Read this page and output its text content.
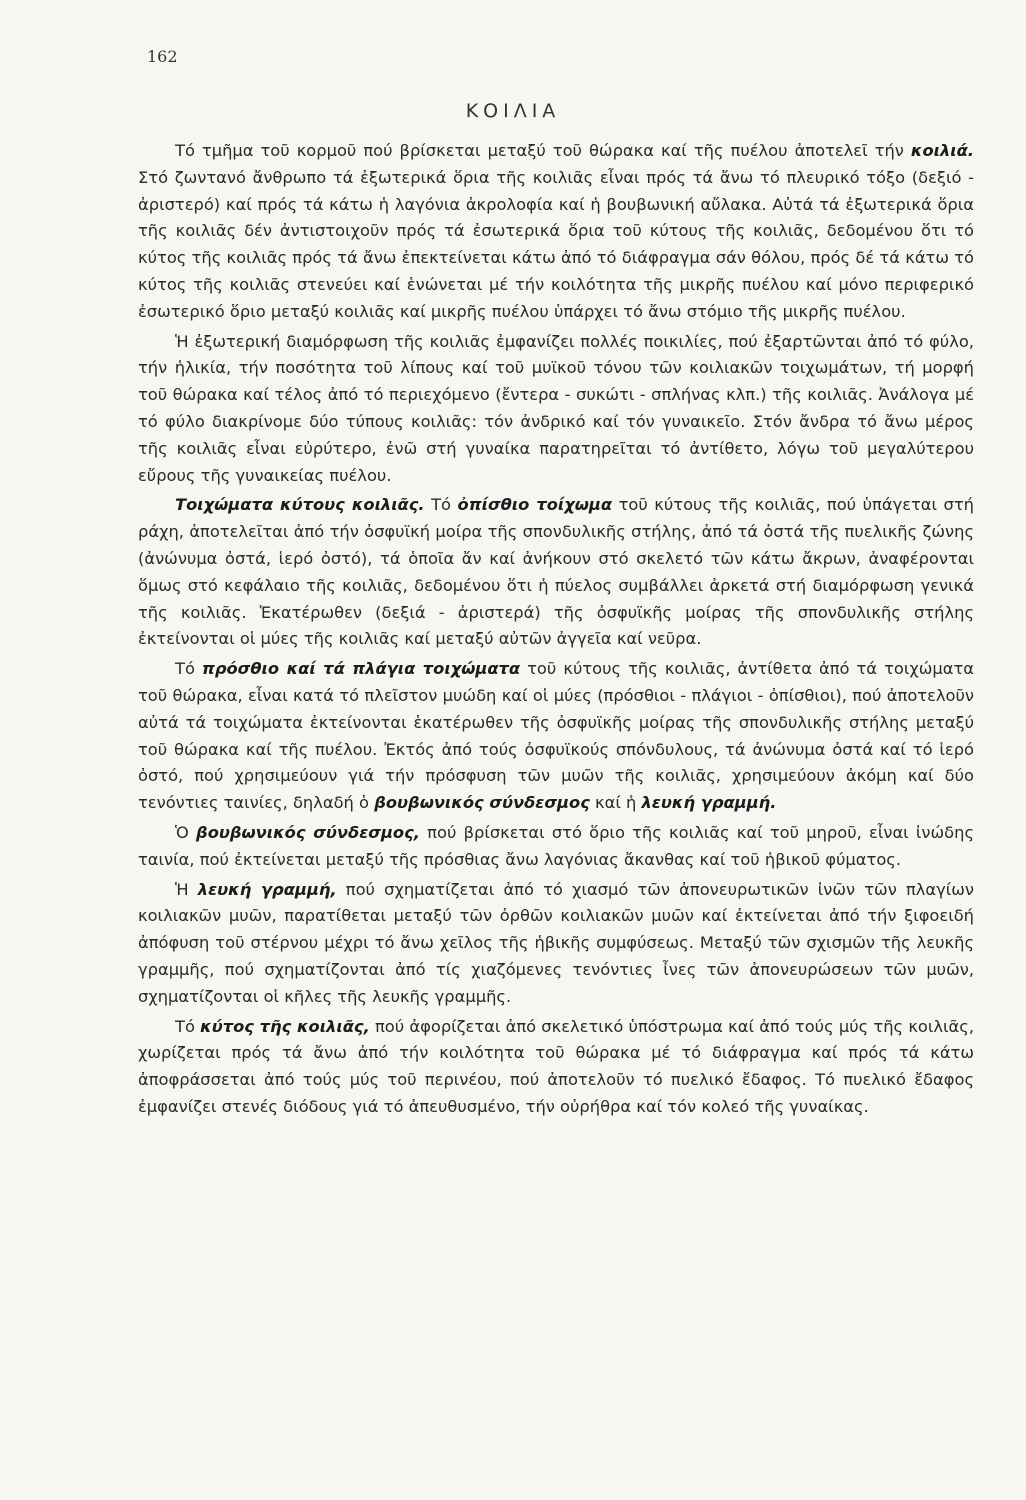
162
ΚΟΙΛΙΑ

Τό τμῆμα τοῦ κορμοῦ πού βρίσκεται μεταξύ τοῦ θώρακα καί τῆς πυέλου ἀποτελεῖ τήν κοιλιά. Στό ζωντανό ἄνθρωπο τά ἐξωτερικά ὅρια τῆς κοιλιᾶς εἶναι πρός τά ἄνω τό πλευρικό τόξο (δεξιό - ἀριστερό) καί πρός τά κάτω ἡ λαγόνια ἀκρολοφία καί ἡ βουβωνική αὔλακα. Αὐτά τά ἐξωτερικά ὅρια τῆς κοιλιᾶς δέν ἀντιστοιχοῦν πρός τά ἐσωτερικά ὅρια τοῦ κύτους τῆς κοιλιᾶς, δεδομένου ὅτι τό κύτος τῆς κοιλιᾶς πρός τά ἄνω ἐπεκτείνεται κάτω ἀπό τό διάφραγμα σάν θόλου, πρός δέ τά κάτω τό κύτος τῆς κοιλιᾶς στενεύει καί ἑνώνεται μέ τήν κοιλότητα τῆς μικρῆς πυέλου καί μόνο περιφερικό ἐσωτερικό ὅριο μεταξύ κοιλιᾶς καί μικρῆς πυέλου ὑπάρχει τό ἄνω στόμιο τῆς μικρῆς πυέλου.

Ἡ ἐξωτερική διαμόρφωση τῆς κοιλιᾶς ἐμφανίζει πολλές ποικιλίες, πού ἐξαρτῶνται ἀπό τό φύλο, τήν ἡλικία, τήν ποσότητα τοῦ λίπους καί τοῦ μυϊκοῦ τόνου τῶν κοιλιακῶν τοιχωμάτων, τή μορφή τοῦ θώρακα καί τέλος ἀπό τό περιεχόμενο (ἔντερα - συκώτι - σπλήνας κλπ.) τῆς κοιλιᾶς. Ἀνάλογα μέ τό φύλο διακρίνομε δύο τύπους κοιλιᾶς: τόν ἀνδρικό καί τόν γυναικεῖο. Στόν ἄνδρα τό ἄνω μέρος τῆς κοιλιᾶς εἶναι εὐρύτερο, ἐνῶ στή γυναίκα παρατηρεῖται τό ἀντίθετο, λόγω τοῦ μεγαλύτερου εὔρους τῆς γυναικείας πυέλου.

Τοιχώματα κύτους κοιλιᾶς. Τό ὀπίσθιο τοίχωμα τοῦ κύτους τῆς κοιλιᾶς, πού ὑπάγεται στή ράχη, ἀποτελεῖται ἀπό τήν ὀσφυϊκή μοίρα τῆς σπονδυλικῆς στήλης, ἀπό τά ὀστά τῆς πυελικῆς ζώνης (ἀνώνυμα ὀστά, ἱερό ὀστό), τά ὁποῖα ἄν καί ἀνήκουν στό σκελετό τῶν κάτω ἄκρων, ἀναφέρονται ὅμως στό κεφάλαιο τῆς κοιλιᾶς, δεδομένου ὅτι ἡ πύελος συμβάλλει ἀρκετά στή διαμόρφωση γενικά τῆς κοιλιᾶς. Ἑκατέρωθεν (δεξιά - ἀριστερά) τῆς ὀσφυϊκῆς μοίρας τῆς σπονδυλικῆς στήλης ἐκτείνονται οἱ μύες τῆς κοιλιᾶς καί μεταξύ αὐτῶν ἀγγεῖα καί νεῦρα.

Τό πρόσθιο καί τά πλάγια τοιχώματα τοῦ κύτους τῆς κοιλιᾶς, ἀντίθετα ἀπό τά τοιχώματα τοῦ θώρακα, εἶναι κατά τό πλεῖστον μυώδη καί οἱ μύες (πρόσθιοι - πλάγιοι - ὀπίσθιοι), πού ἀποτελοῦν αὐτά τά τοιχώματα ἐκτείνονται ἑκατέρωθεν τῆς ὀσφυϊκῆς μοίρας τῆς σπονδυλικῆς στήλης μεταξύ τοῦ θώρακα καί τῆς πυέλου. Ἐκτός ἀπό τούς ὀσφυϊκούς σπόνδυλους, τά ἀνώνυμα ὀστά καί τό ἱερό ὀστό, πού χρησιμεύουν γιά τήν πρόσφυση τῶν μυῶν τῆς κοιλιᾶς, χρησιμεύουν ἀκόμη καί δύο τενόντιες ταινίες, δηλαδή ὁ βουβωνικός σύνδεσμος καί ἡ λευκή γραμμή.

Ὁ βουβωνικός σύνδεσμος, πού βρίσκεται στό ὅριο τῆς κοιλιᾶς καί τοῦ μηροῦ, εἶναι ἰνώδης ταινία, πού ἐκτείνεται μεταξύ τῆς πρόσθιας ἄνω λαγόνιας ἄκανθας καί τοῦ ἡβικοῦ φύματος.

Ἡ λευκή γραμμή, πού σχηματίζεται ἀπό τό χιασμό τῶν ἀπονευρωτικῶν ἰνῶν τῶν πλαγίων κοιλιακῶν μυῶν, παρατίθεται μεταξύ τῶν ὀρθῶν κοιλιακῶν μυῶν καί ἐκτείνεται ἀπό τήν ξιφοειδή ἀπόφυση τοῦ στέρνου μέχρι τό ἄνω χεῖλος τῆς ἡβικῆς συμφύσεως. Μεταξύ τῶν σχισμῶν τῆς λευκῆς γραμμῆς, πού σχηματίζονται ἀπό τίς χιαζόμενες τενόντιες ἶνες τῶν ἀπονευρώσεων τῶν μυῶν, σχηματίζονται οἱ κῆλες τῆς λευκῆς γραμμῆς.

Τό κύτος τῆς κοιλιᾶς, πού ἀφορίζεται ἀπό σκελετικό ὑπόστρωμα καί ἀπό τούς μύς τῆς κοιλιᾶς, χωρίζεται πρός τά ἄνω ἀπό τήν κοιλότητα τοῦ θώρακα μέ τό διάφραγμα καί πρός τά κάτω ἀποφράσσεται ἀπό τούς μύς τοῦ περινέου, πού ἀποτελοῦν τό πυελικό ἔδαφος. Τό πυελικό ἔδαφος ἐμφανίζει στενές διόδους γιά τό ἀπευθυσμένο, τήν οὐρήθρα καί τόν κολεό τῆς γυναίκας.
